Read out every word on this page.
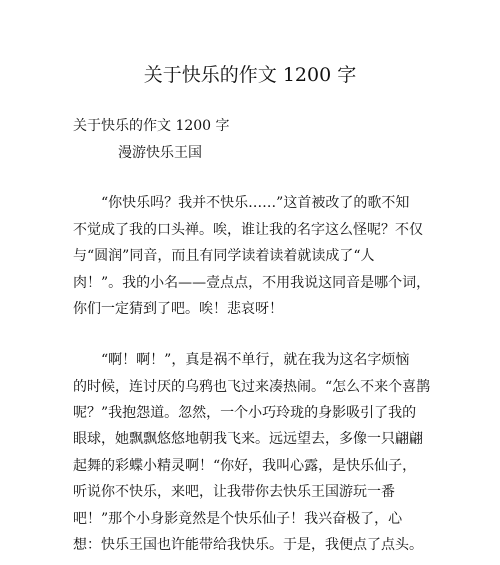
关于快乐的作文 1200 字

关于快乐的作文 1200 字

漫游快乐王国

　　“你快乐吗？我并不快乐……”这首被改了的歌不知

不觉成了我的口头禅。唉，谁让我的名字这么怪呢？不仅

与“圆润”同音，而且有同学读着读着就读成了“人

肉！”。我的小名——壹点点，不用我说这同音是哪个词，

你们一定猜到了吧。唉！悲哀呀！

　　“啊！啊！”，真是祸不单行，就在我为这名字烦恼

的时候，连讨厌的乌鸦也飞过来凑热闹。“怎么不来个喜鹊

呢？”我抱怨道。忽然，一个小巧玲珑的身影吸引了我的

眼球，她飘飘悠悠地朝我飞来。远远望去，多像一只翩翩

起舞的彩蝶小精灵啊！“你好，我叫心露，是快乐仙子，

听说你不快乐，来吧，让我带你去快乐王国游玩一番

吧！”那个小身影竟然是个快乐仙子！我兴奋极了，心

想：快乐王国也许能带给我快乐。于是，我便点了点头。
